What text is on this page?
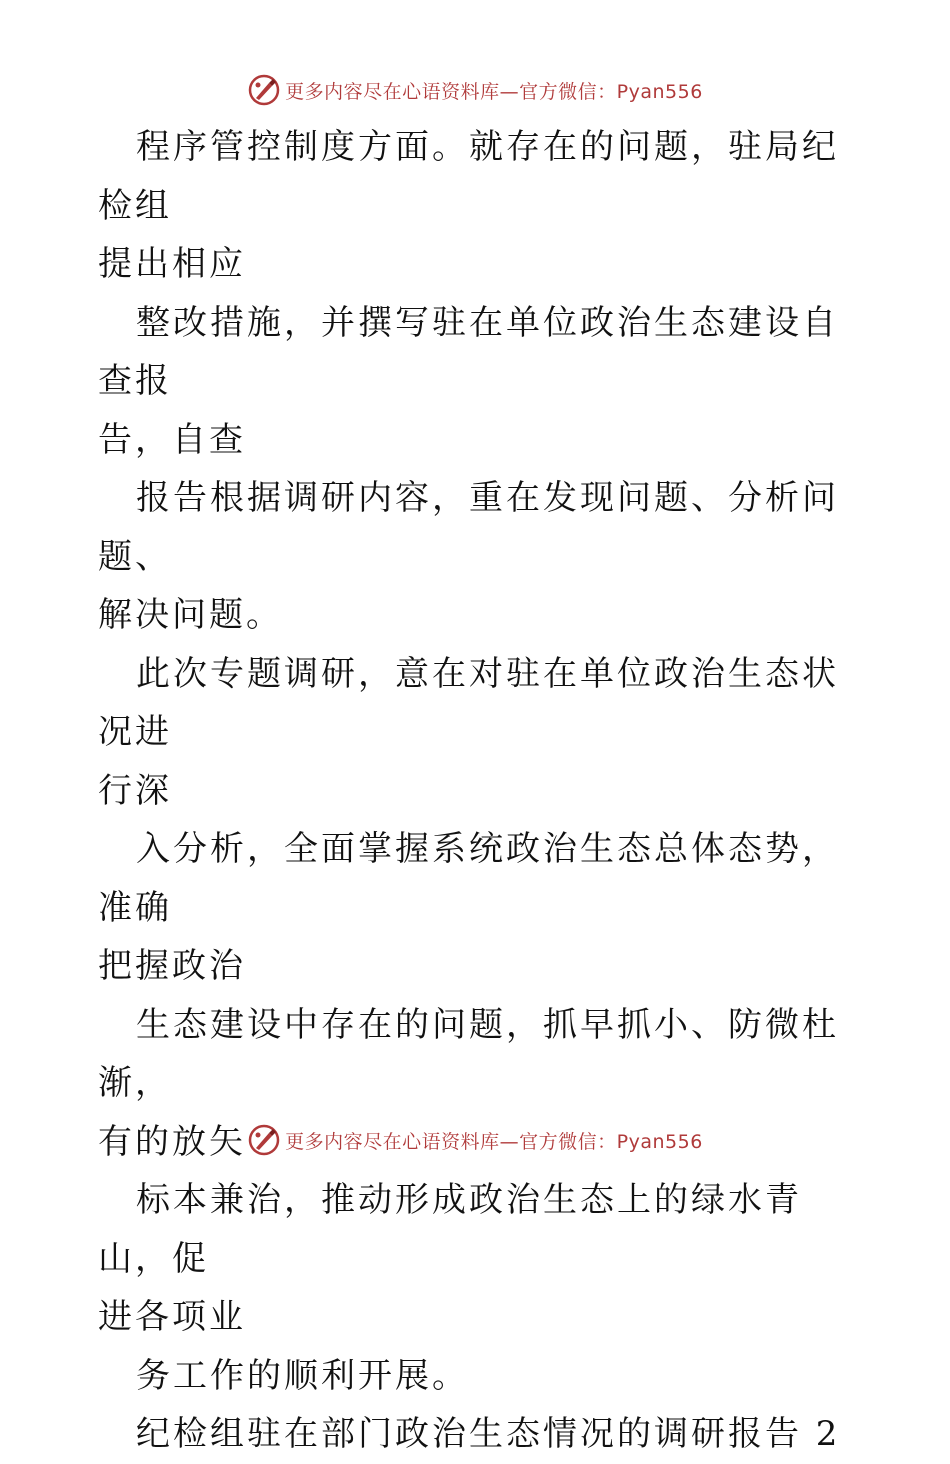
更多内容尽在心语资料库—官方微信：Pyan556

程序管控制度方面。就存在的问题，驻局纪检组
提出相应

整改措施，并撰写驻在单位政治生态建设自查报
告，自查

报告根据调研内容，重在发现问题、分析问题、
解决问题。

此次专题调研，意在对驻在单位政治生态状况进
行深

入分析，全面掌握系统政治生态总体态势，准确
把握政治

生态建设中存在的问题，抓早抓小、防微杜渐，
有的放矢

标本兼治，推动形成政治生态上的绿水青山，促
进各项业

务工作的顺利开展。

纪检组驻在部门政治生态情况的调研报告 2

更多内容尽在心语资料库—官方微信：Pyan556
